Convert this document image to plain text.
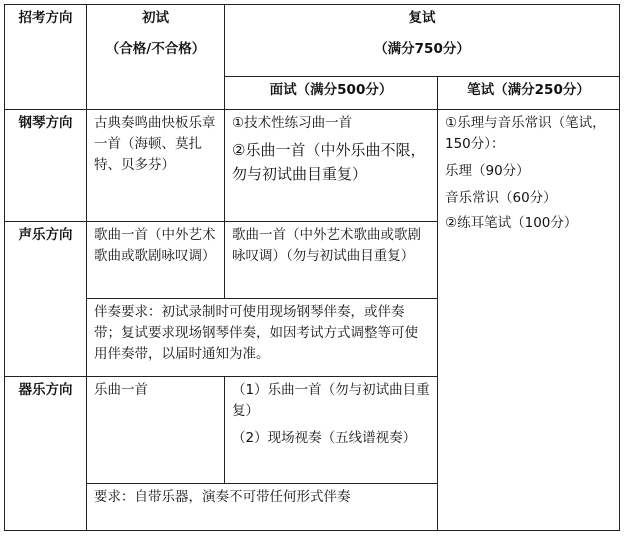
招考方向	初试
（合格/不合格）	复试
（满分750分）	

		面试（满分500分）	笔试（满分250分）
钢琴方向	古典奏鸣曲快板乐章一首（海顿、莫扎特、贝多芬）	①技术性练习曲一首
②乐曲一首（中外乐曲不限，勿与初试曲目重复）	①乐理与音乐常识（笔试，150分）：
乐理（90分）
音乐常识（60分）
②练耳笔试（100分）

声乐方向	歌曲一首（中外艺术歌曲或歌剧咏叹调）	歌曲一首（中外艺术歌曲或歌剧咏叹调）（勿与初试曲目重复）	
	伴奏要求：初试录制时可使用现场钢琴伴奏，或伴奏带；复试要求现场钢琴伴奏，如因考试方式调整等可使用伴奏带，以届时通知为准。		
器乐方向	乐曲一首	（1）乐曲一首（勿与初试曲目重复）
（2）现场视奏（五线谱视奏）	

	要求：自带乐器，演奏不可带任何形式伴奏		
